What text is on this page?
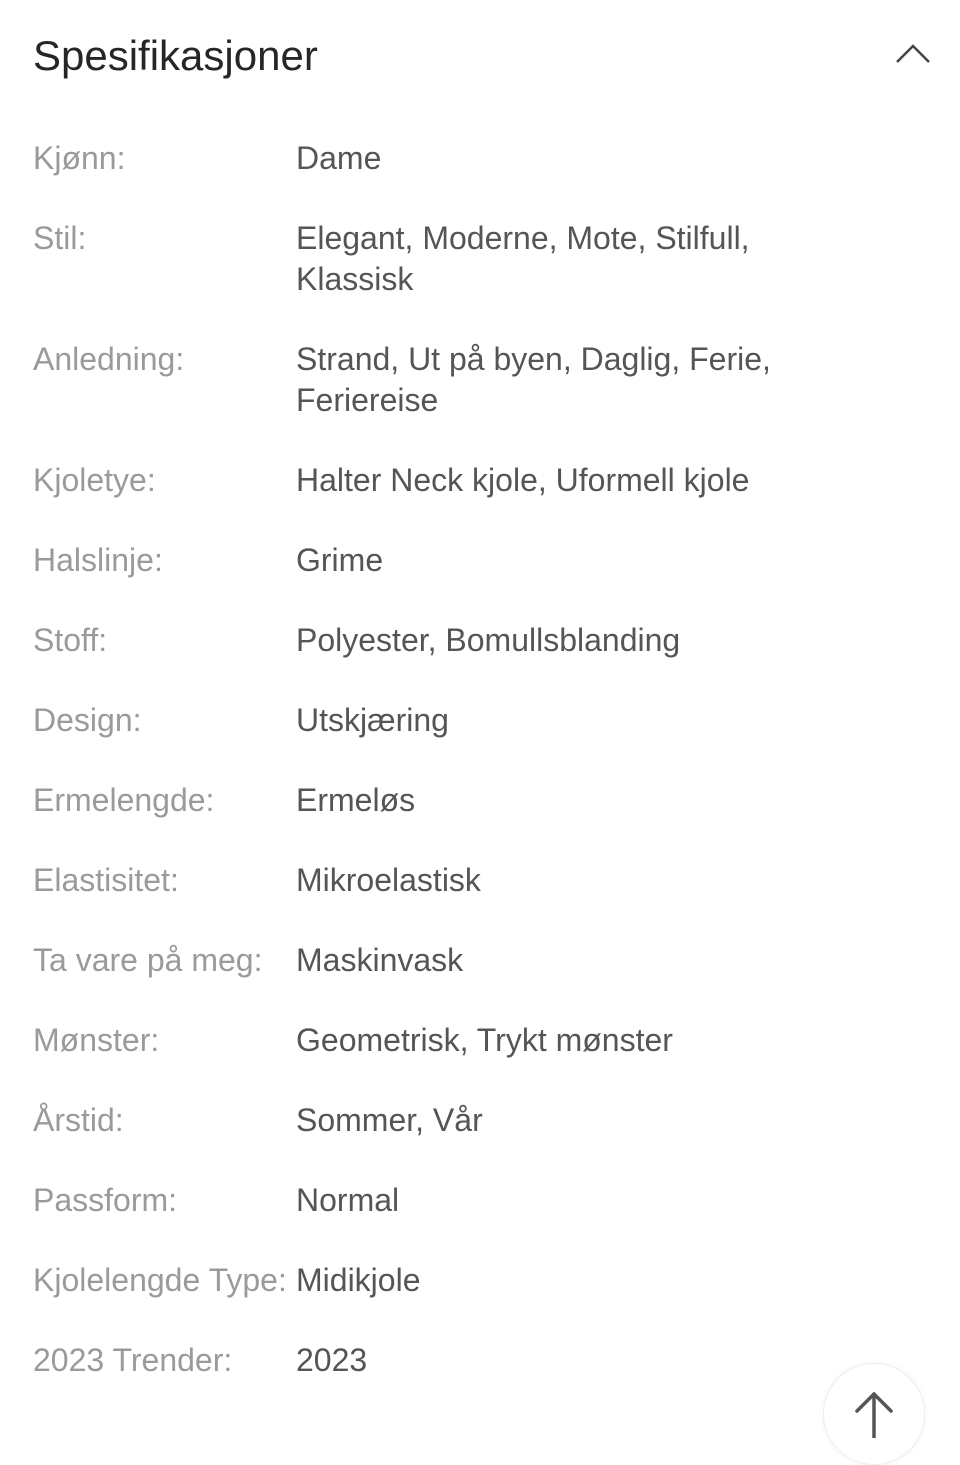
Spesifikasjoner
Kjønn:	Dame
Stil:	Elegant, Moderne, Mote, Stilfull, Klassisk
Anledning:	Strand, Ut på byen, Daglig, Ferie, Feriereise
Kjoletye:	Halter Neck kjole, Uformell kjole
Halslinje:	Grime
Stoff:	Polyester, Bomullsblanding
Design:	Utskjæring
Ermelengde:	Ermeløs
Elastisitet:	Mikroelastisk
Ta vare på meg:	Maskinvask
Mønster:	Geometrisk, Trykt mønster
Årstid:	Sommer, Vår
Passform:	Normal
Kjolelengde Type: Midikjole
2023 Trender:	2023
